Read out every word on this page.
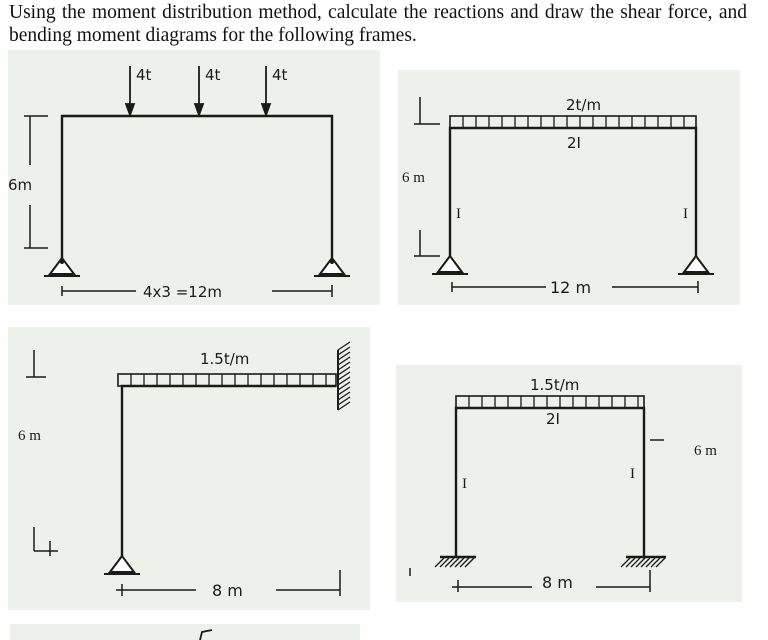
Using the moment distribution method, calculate the reactions and draw the shear force, and bending moment diagrams for the following frames.
4t	4t	4t
6m
4x3 =12m
2t/m
2I
I	I
6 m
12 m
1.5t/m
6 m
8 m
1.5t/m
2I
I
I
6 m
8 m
